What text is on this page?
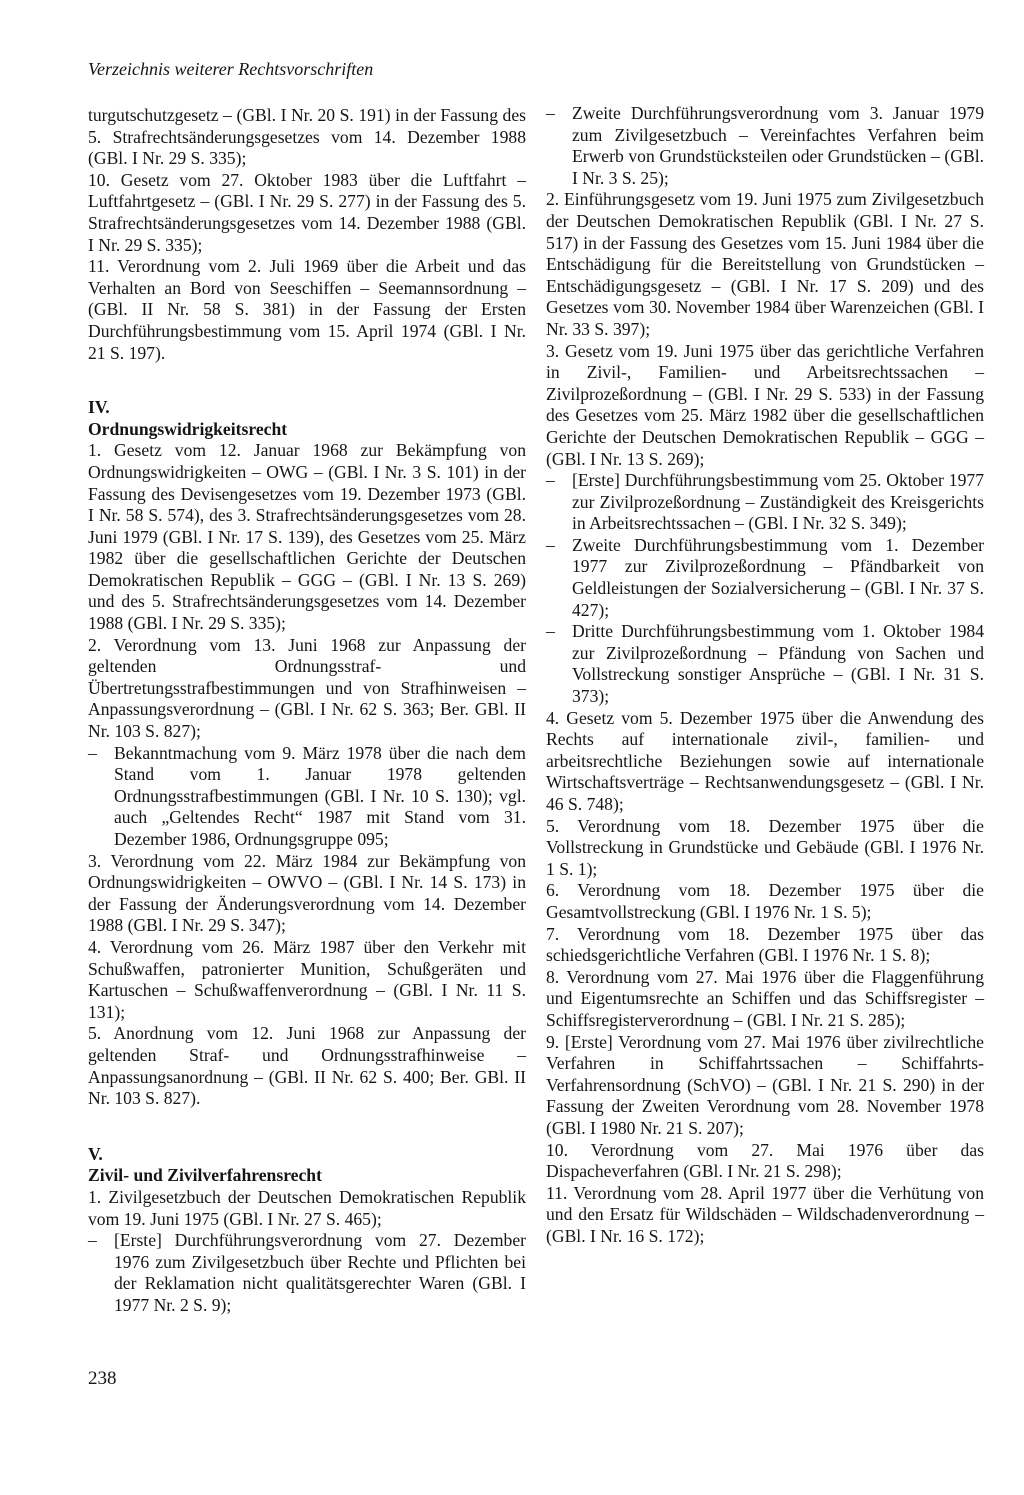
Verzeichnis weiterer Rechtsvorschriften

turgutschutzgesetz – (GBl. I Nr. 20 S. 191) in der Fassung des 5. Strafrechtsänderungsgesetzes vom 14. Dezember 1988 (GBl. I Nr. 29 S. 335);

10. Gesetz vom 27. Oktober 1983 über die Luftfahrt – Luftfahrtgesetz – (GBl. I Nr. 29 S. 277) in der Fassung des 5. Strafrechtsänderungsgesetzes vom 14. Dezember 1988 (GBl. I Nr. 29 S. 335);

11. Verordnung vom 2. Juli 1969 über die Arbeit und das Verhalten an Bord von Seeschiffen – Seemannsordnung – (GBl. II Nr. 58 S. 381) in der Fassung der Ersten Durchführungsbestimmung vom 15. April 1974 (GBl. I Nr. 21 S. 197).

IV.

Ordnungswidrigkeitsrecht

1. Gesetz vom 12. Januar 1968 zur Bekämpfung von Ordnungswidrigkeiten – OWG – (GBl. I Nr. 3 S. 101) in der Fassung des Devisengesetzes vom 19. Dezember 1973 (GBl. I Nr. 58 S. 574), des 3. Strafrechtsänderungsgesetzes vom 28. Juni 1979 (GBl. I Nr. 17 S. 139), des Gesetzes vom 25. März 1982 über die gesellschaftlichen Gerichte der Deutschen Demokratischen Republik – GGG – (GBl. I Nr. 13 S. 269) und des 5. Strafrechtsänderungsgesetzes vom 14. Dezember 1988 (GBl. I Nr. 29 S. 335);

2. Verordnung vom 13. Juni 1968 zur Anpassung der geltenden Ordnungsstraf- und Übertretungsstrafbestimmungen und von Strafhinweisen – Anpassungsverordnung – (GBl. I Nr. 62 S. 363; Ber. GBl. II Nr. 103 S. 827);

– Bekanntmachung vom 9. März 1978 über die nach dem Stand vom 1. Januar 1978 geltenden Ordnungsstrafbestimmungen (GBl. I Nr. 10 S. 130); vgl. auch „Geltendes Recht“ 1987 mit Stand vom 31. Dezember 1986, Ordnungsgruppe 095;

3. Verordnung vom 22. März 1984 zur Bekämpfung von Ordnungswidrigkeiten – OWVO – (GBl. I Nr. 14 S. 173) in der Fassung der Änderungsverordnung vom 14. Dezember 1988 (GBl. I Nr. 29 S. 347);

4. Verordnung vom 26. März 1987 über den Verkehr mit Schußwaffen, patronierter Munition, Schußgeräten und Kartuschen – Schußwaffenverordnung – (GBl. I Nr. 11 S. 131);

5. Anordnung vom 12. Juni 1968 zur Anpassung der geltenden Straf- und Ordnungsstrafhinweise – Anpassungsanordnung – (GBl. II Nr. 62 S. 400; Ber. GBl. II Nr. 103 S. 827).

V.

Zivil- und Zivilverfahrensrecht

1. Zivilgesetzbuch der Deutschen Demokratischen Republik vom 19. Juni 1975 (GBl. I Nr. 27 S. 465);

– [Erste] Durchführungsverordnung vom 27. Dezember 1976 zum Zivilgesetzbuch über Rechte und Pflichten bei der Reklamation nicht qualitätsgerechter Waren (GBl. I 1977 Nr. 2 S. 9);

– Zweite Durchführungsverordnung vom 3. Januar 1979 zum Zivilgesetzbuch – Vereinfachtes Verfahren beim Erwerb von Grundstücksteilen oder Grundstücken – (GBl. I Nr. 3 S. 25);

2. Einführungsgesetz vom 19. Juni 1975 zum Zivilgesetzbuch der Deutschen Demokratischen Republik (GBl. I Nr. 27 S. 517) in der Fassung des Gesetzes vom 15. Juni 1984 über die Entschädigung für die Bereitstellung von Grundstücken – Entschädigungsgesetz – (GBl. I Nr. 17 S. 209) und des Gesetzes vom 30. November 1984 über Warenzeichen (GBl. I Nr. 33 S. 397);

3. Gesetz vom 19. Juni 1975 über das gerichtliche Verfahren in Zivil-, Familien- und Arbeitsrechtssachen – Zivilprozeßordnung – (GBl. I Nr. 29 S. 533) in der Fassung des Gesetzes vom 25. März 1982 über die gesellschaftlichen Gerichte der Deutschen Demokratischen Republik – GGG – (GBl. I Nr. 13 S. 269);

– [Erste] Durchführungsbestimmung vom 25. Oktober 1977 zur Zivilprozeßordnung – Zuständigkeit des Kreisgerichts in Arbeitsrechtssachen – (GBl. I Nr. 32 S. 349);

– Zweite Durchführungsbestimmung vom 1. Dezember 1977 zur Zivilprozeßordnung – Pfändbarkeit von Geldleistungen der Sozialversicherung – (GBl. I Nr. 37 S. 427);

– Dritte Durchführungsbestimmung vom 1. Oktober 1984 zur Zivilprozeßordnung – Pfändung von Sachen und Vollstreckung sonstiger Ansprüche – (GBl. I Nr. 31 S. 373);

4. Gesetz vom 5. Dezember 1975 über die Anwendung des Rechts auf internationale zivil-, familien- und arbeitsrechtliche Beziehungen sowie auf internationale Wirtschaftsverträge – Rechtsanwendungsgesetz – (GBl. I Nr. 46 S. 748);

5. Verordnung vom 18. Dezember 1975 über die Vollstreckung in Grundstücke und Gebäude (GBl. I 1976 Nr. 1 S. 1);

6. Verordnung vom 18. Dezember 1975 über die Gesamtvollstreckung (GBl. I 1976 Nr. 1 S. 5);

7. Verordnung vom 18. Dezember 1975 über das schiedsgerichtliche Verfahren (GBl. I 1976 Nr. 1 S. 8);

8. Verordnung vom 27. Mai 1976 über die Flaggenführung und Eigentumsrechte an Schiffen und das Schiffsregister – Schiffsregisterverordnung – (GBl. I Nr. 21 S. 285);

9. [Erste] Verordnung vom 27. Mai 1976 über zivilrechtliche Verfahren in Schiffahrtssachen – Schiffahrts-Verfahrensordnung (SchVO) – (GBl. I Nr. 21 S. 290) in der Fassung der Zweiten Verordnung vom 28. November 1978 (GBl. I 1980 Nr. 21 S. 207);

10. Verordnung vom 27. Mai 1976 über das Dispacheverfahren (GBl. I Nr. 21 S. 298);

11. Verordnung vom 28. April 1977 über die Verhütung von und den Ersatz für Wildschäden – Wildschadenverordnung – (GBl. I Nr. 16 S. 172);

238
